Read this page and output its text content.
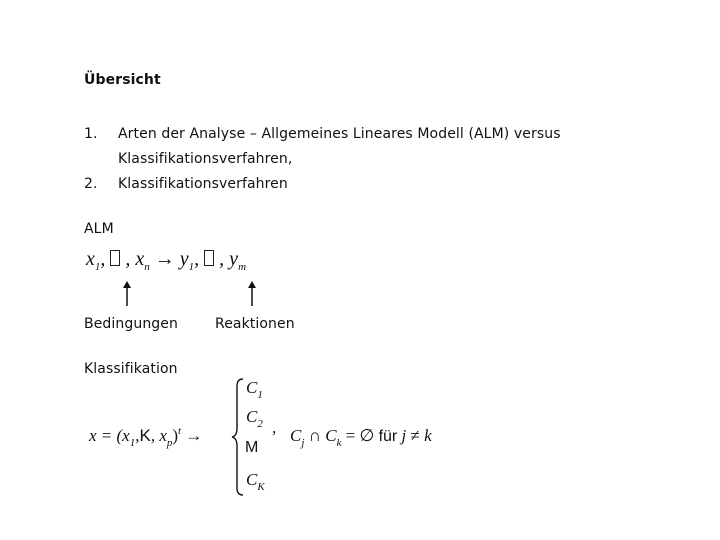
Übersicht
1. Arten der Analyse – Allgemeines Lineares Modell (ALM) versus
Klassifikationsverfahren,
2. Klassifikationsverfahren
ALM
$x_1$, , $x_n \to y_1$, , $y_m$
Bedingungen	Reaktionen
Klassifikation
$x = (x_1,K$, $x_p)^t$ →
$C_1$
$C_2$
M
$C_K$
, $C_j$ ∩ $C_k$ = ∅ für j ≠ k
